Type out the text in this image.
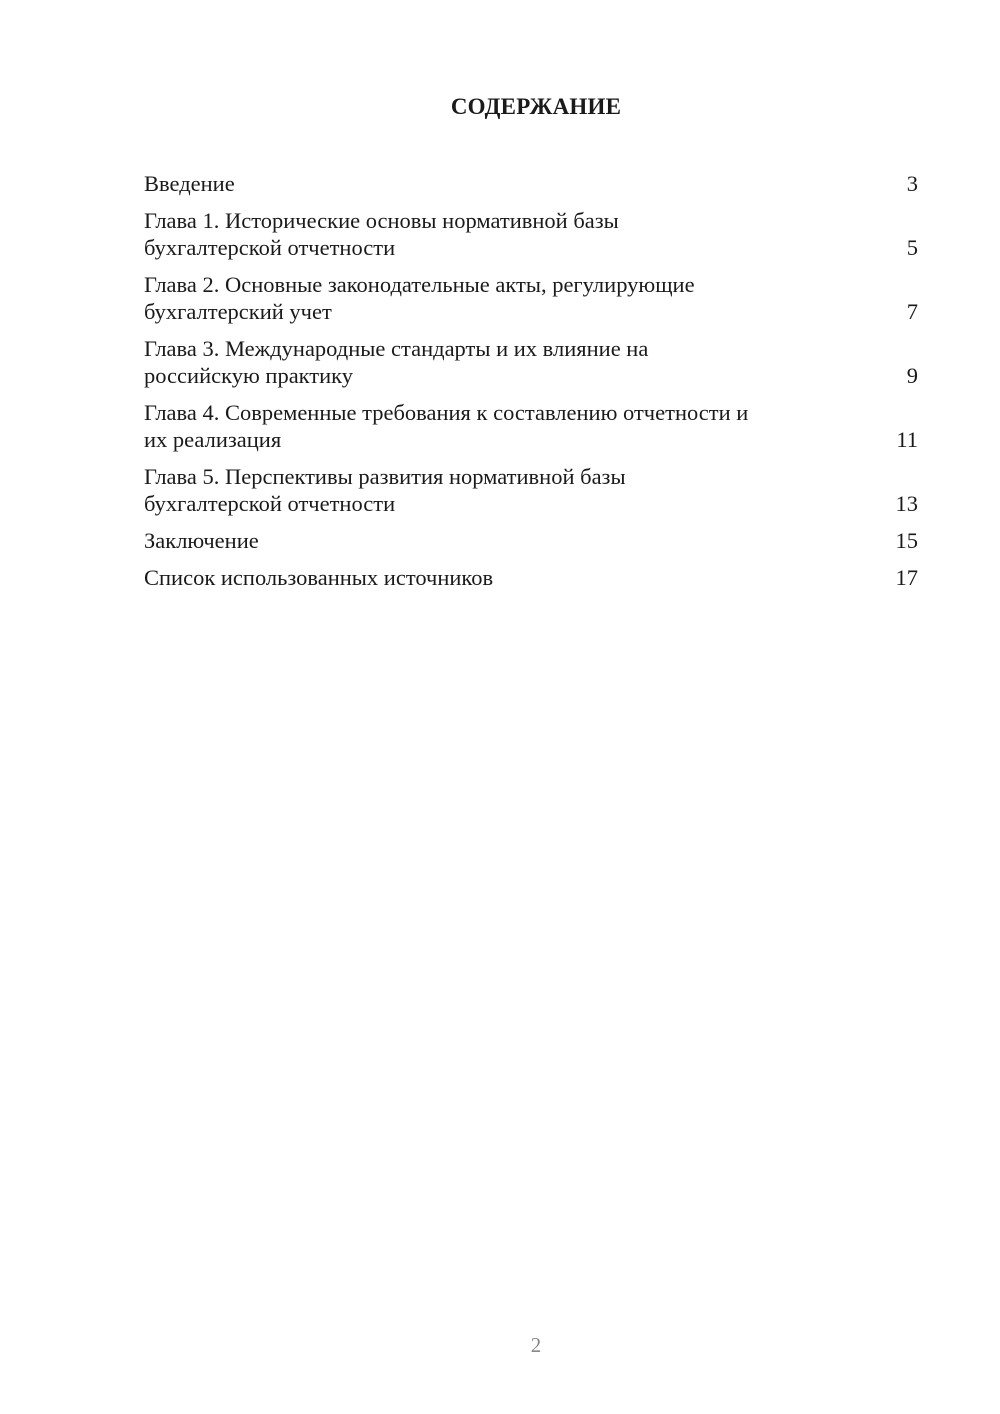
СОДЕРЖАНИЕ
Введение	3
Глава 1. Исторические основы нормативной базы
бухгалтерской отчетности	5
Глава 2. Основные законодательные акты, регулирующие
бухгалтерский учет	7
Глава 3. Международные стандарты и их влияние на
российскую практику	9
Глава 4. Современные требования к составлению отчетности и
их реализация	11
Глава 5. Перспективы развития нормативной базы
бухгалтерской отчетности	13
Заключение	15
Список использованных источников	17

2
